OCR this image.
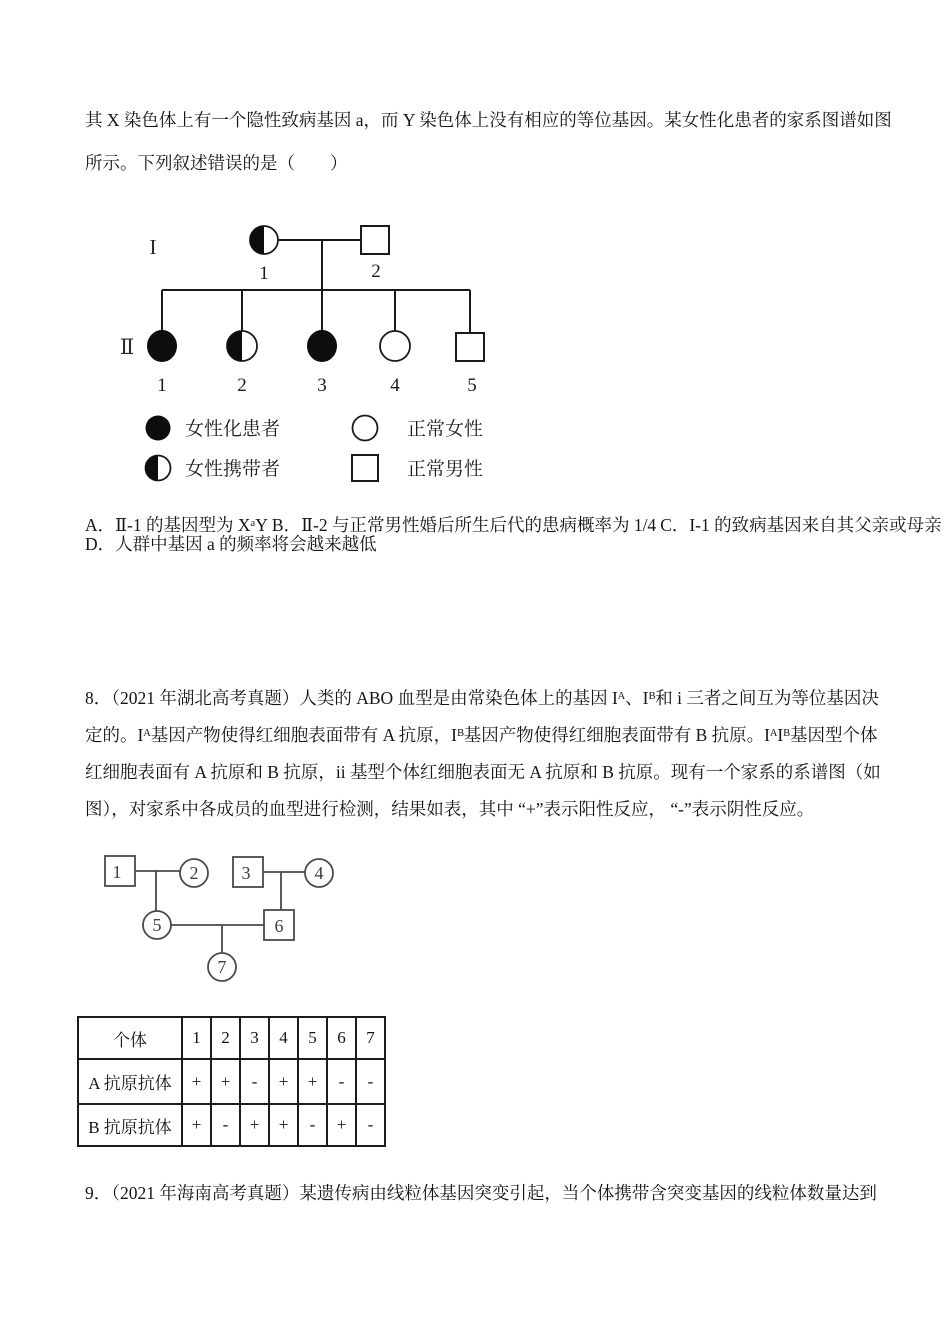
其 X 染色体上有一个隐性致病基因 a，而 Y 染色体上没有相应的等位基因。某女性化患者的家系图谱如图
所示。下列叙述错误的是（　　）
I
Ⅱ
1	2
1	2	3	4	5
女性化患者	正常女性
女性携带者	正常男性
A．Ⅱ-1 的基因型为 XᵃY B．Ⅱ-2 与正常男性婚后所生后代的患病概率为 1/4 C．I-1 的致病基因来自其父亲或母亲 D．人群中基因 a 的频率将会越来越低
8．（2021 年湖北高考真题）人类的 ABO 血型是由常染色体上的基因 Iᴬ、Iᴮ和 i 三者之间互为等位基因决
定的。Iᴬ基因产物使得红细胞表面带有 A 抗原，Iᴮ基因产物使得红细胞表面带有 B 抗原。IᴬIᴮ基因型个体
红细胞表面有 A 抗原和 B 抗原，ii 基型个体红细胞表面无 A 抗原和 B 抗原。现有一个家系的系谱图（如
图），对家系中各成员的血型进行检测，结果如表，其中 “+”表示阳性反应， “-”表示阴性反应。
1	2 3	4
5	6
7
个体	1	2	3	4	5	6	7
A 抗原抗体	+	+	-	+	+	-	-
B 抗原抗体	+	-	+	+	-	+	-
9．（2021 年海南高考真题）某遗传病由线粒体基因突变引起，当个体携带含突变基因的线粒体数量达到
